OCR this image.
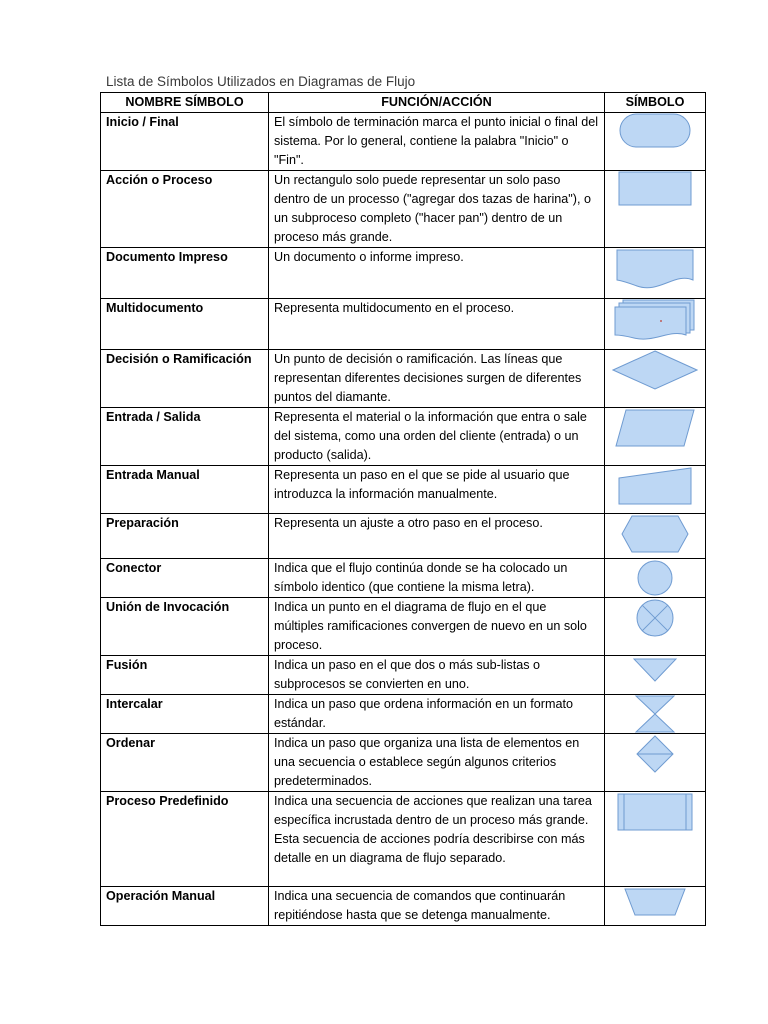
Lista de Símbolos Utilizados en Diagramas de Flujo
NOMBRE SÍMBOLO	FUNCIÓN/ACCIÓN	SÍMBOLO
Inicio / Final	El símbolo de terminación marca el punto inicial o final del sistema. Por lo general, contiene la palabra "Inicio" o "Fin".	

Acción o Proceso	Un rectangulo solo puede representar un solo paso dentro de un processo ("agregar dos tazas de harina"), o un subproceso completo ("hacer pan") dentro de un proceso más grande.	

Documento Impreso	Un documento o informe impreso.	

Multidocumento	Representa multidocumento en el proceso.	

Decisión o Ramificación	Un punto de decisión o ramificación. Las líneas que representan diferentes decisiones surgen de diferentes puntos del diamante.	

Entrada / Salida	Representa el material o la información que entra o sale del sistema, como una orden del cliente (entrada) o un producto (salida).	

Entrada Manual	Representa un paso en el que se pide al usuario que introduzca la información manualmente.	

Preparación	Representa un ajuste a otro paso en el proceso.	

Conector	Indica que el flujo continúa donde se ha colocado un símbolo identico (que contiene la misma letra).	

Unión de Invocación	Indica un punto en el diagrama de flujo en el que múltiples ramificaciones convergen de nuevo en un solo proceso.	

Fusión	Indica un paso en el que dos o más sub-listas o subprocesos se convierten en uno.	

Intercalar	Indica un paso que ordena información en un formato estándar.	

Ordenar	Indica un paso que organiza una lista de elementos en una secuencia o establece según algunos criterios predeterminados.	

Proceso Predefinido	Indica una secuencia de acciones que realizan una tarea específica incrustada dentro de un proceso más grande. Esta secuencia de acciones podría describirse con más detalle en un diagrama de flujo separado.	

Operación Manual	Indica una secuencia de comandos que continuarán repitiéndose hasta que se detenga manualmente.	
